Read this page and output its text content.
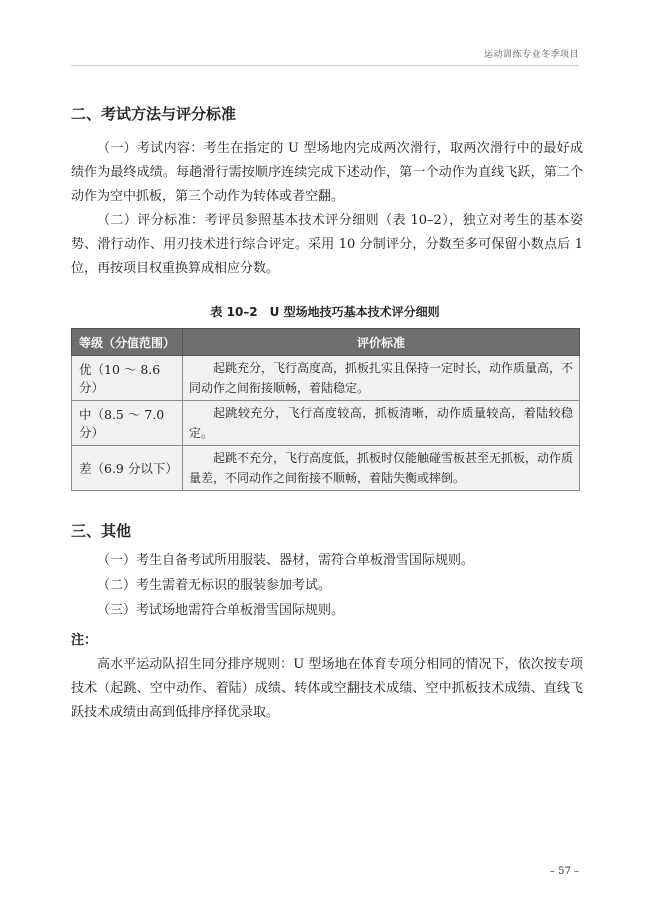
运动训练专业冬季项目
二、考试方法与评分标准

（一）考试内容：考生在指定的 U 型场地内完成两次滑行，取两次滑行中的最好成绩作为最终成绩。每趟滑行需按顺序连续完成下述动作，第一个动作为直线飞跃，第二个动作为空中抓板，第三个动作为转体或者空翻。

（二）评分标准：考评员参照基本技术评分细则（表 10–2），独立对考生的基本姿势、滑行动作、用刃技术进行综合评定。采用 10 分制评分，分数至多可保留小数点后 1 位，再按项目权重换算成相应分数。

表 10–2　U 型场地技巧基本技术评分细则
等级（分值范围）	评价标准
优（10 ～ 8.6 分）	起跳充分，飞行高度高，抓板扎实且保持一定时长，动作质量高，不同动作之间衔接顺畅，着陆稳定。
中（8.5 ～ 7.0 分）	起跳较充分，飞行高度较高，抓板清晰，动作质量较高，着陆较稳定。
差（6.9 分以下）	起跳不充分，飞行高度低，抓板时仅能触碰雪板甚至无抓板，动作质量差，不同动作之间衔接不顺畅，着陆失衡或摔倒。
三、其他

（一）考生自备考试所用服装、器材，需符合单板滑雪国际规则。

（二）考生需着无标识的服装参加考试。

（三）考试场地需符合单板滑雪国际规则。

注：

高水平运动队招生同分排序规则：U 型场地在体育专项分相同的情况下，依次按专项技术（起跳、空中动作、着陆）成绩、转体或空翻技术成绩、空中抓板技术成绩、直线飞跃技术成绩由高到低排序择优录取。

– 57 –
